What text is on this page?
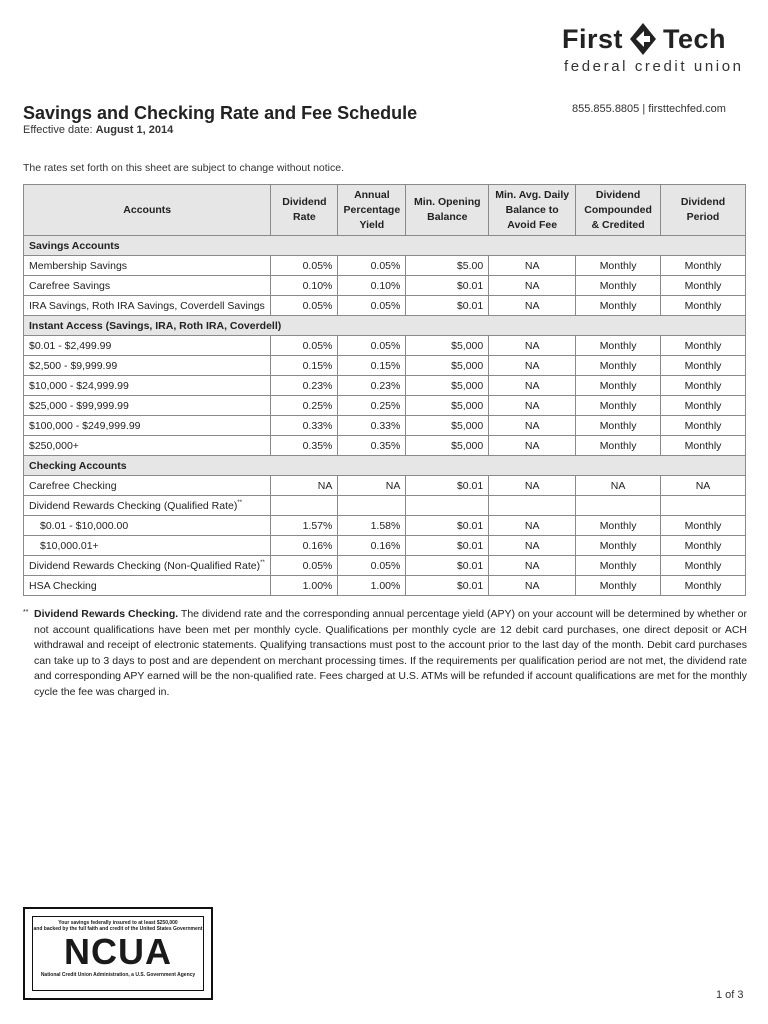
First Tech
federal credit union
855.855.8805 | firsttechfed.com
Savings and Checking Rate and Fee Schedule
Effective date: August 1, 2014
The rates set forth on this sheet are subject to change without notice.
Accounts	Dividend Rate	Annual Percentage Yield	Min. Opening Balance	Min. Avg. Daily Balance to Avoid Fee	Dividend Compounded & Credited	Dividend Period
Savings Accounts						
Membership Savings	0.05%	0.05%	$5.00	NA	Monthly	Monthly
Carefree Savings	0.10%	0.10%	$0.01	NA	Monthly	Monthly
IRA Savings, Roth IRA Savings, Coverdell Savings	0.05%	0.05%	$0.01	NA	Monthly	Monthly
Instant Access (Savings, IRA, Roth IRA, Coverdell)						
$0.01 - $2,499.99	0.05%	0.05%	$5,000	NA	Monthly	Monthly
$2,500 - $9,999.99	0.15%	0.15%	$5,000	NA	Monthly	Monthly
$10,000 - $24,999.99	0.23%	0.23%	$5,000	NA	Monthly	Monthly
$25,000 - $99,999.99	0.25%	0.25%	$5,000	NA	Monthly	Monthly
$100,000 - $249,999.99	0.33%	0.33%	$5,000	NA	Monthly	Monthly
$250,000+	0.35%	0.35%	$5,000	NA	Monthly	Monthly
Checking Accounts						
Carefree Checking	NA	NA	$0.01	NA	NA	NA
Dividend Rewards Checking (Qualified Rate)**						
$0.01 - $10,000.00	1.57%	1.58%	$0.01	NA	Monthly	Monthly
$10,000.01+	0.16%	0.16%	$0.01	NA	Monthly	Monthly
Dividend Rewards Checking (Non-Qualified Rate)**	0.05%	0.05%	$0.01	NA	Monthly	Monthly
HSA Checking	1.00%	1.00%	$0.01	NA	Monthly	Monthly
** Dividend Rewards Checking. The dividend rate and the corresponding annual percentage yield (APY) on your account will be determined by whether or not account qualifications have been met per monthly cycle. Qualifications per monthly cycle are 12 debit card purchases, one direct deposit or ACH withdrawal and receipt of electronic statements. Qualifying transactions must post to the account prior to the last day of the month. Debit card purchases can take up to 3 days to post and are dependent on merchant processing times. If the requirements per qualification period are not met, the dividend rate and corresponding APY earned will be the non-qualified rate. Fees charged at U.S. ATMs will be refunded if account qualifications are met for the monthly cycle the fee was charged in.
Your savings federally insured to at least $250,000
and backed by the full faith and credit of the United States Government
NCUA
National Credit Union Administration, a U.S. Government Agency
1 of 3
